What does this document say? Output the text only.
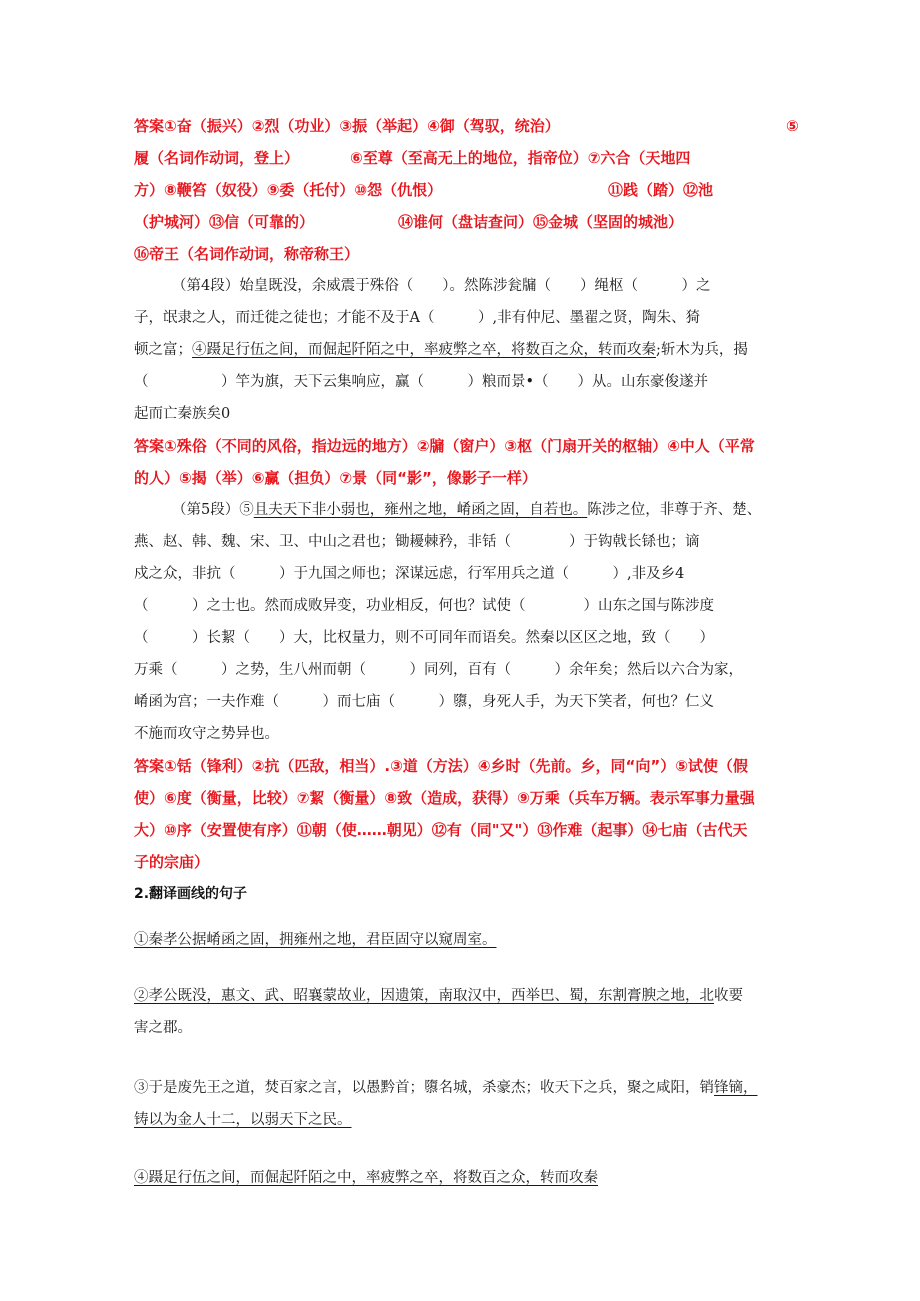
答案①奋（振兴）②烈（功业）③振（举起）④御（驾驭，统治）	⑤
履（名词作动词，登上）	⑥至尊（至高无上的地位，指帝位）⑦六合（天地四
方）⑧鞭笞（奴役）⑨委（托付）⑩怨（仇恨）	⑪践（踏）⑫池
（护城河）⑬信（可靠的）	⑭谁何（盘诘查问）⑮金城（坚固的城池）
⑯帝王（名词作动词，称帝称王）
（第4段）始皇既没，余威震于殊俗（　　）。然陈涉瓮牖（　　）绳枢（　　　）之
子，氓隶之人，而迁徙之徒也；才能不及于A（　　　）,非有仲尼、墨翟之贤，陶朱、猗
顿之富；④蹑足行伍之间，而倔起阡陌之中，率疲弊之卒，将数百之众，转而攻秦;斩木为兵，揭
（　　　　　）竿为旗，天下云集响应，赢（　　　）粮而景•（　　）从。山东豪俊遂并
起而亡秦族矣0
答案①殊俗（不同的风俗，指边远的地方）②牖（窗户）③枢（门扇开关的枢轴）④中人（平常
的人）⑤揭（举）⑥赢（担负）⑦景（同“影”，像影子一样）
（第5段）⑤且夫天下非小弱也，雍州之地，崤函之固，自若也。陈涉之位，非尊于齐、楚、
燕、赵、韩、魏、宋、卫、中山之君也；锄耰棘矜，非铦（　　　　）于钩戟长铩也；谪
戍之众，非抗（　　　）于九国之师也；深谋远虑，行军用兵之道（　　　）,非及乡4
（　　　）之士也。然而成败异变，功业相反，何也？试使（　　　　）山东之国与陈涉度
（　　　）长絜（　　）大，比权量力，则不可同年而语矣。然秦以区区之地，致（　　）
万乘（　　　）之势，生八州而朝（　　　）同列，百有（　　　）余年矣；然后以六合为家，
崤函为宫；一夫作难（　　　）而七庙（　　　）隳，身死人手，为天下笑者，何也？仁义
不施而攻守之势异也。
答案①铦（锋利）②抗（匹敌，相当）.③道（方法）④乡时（先前。乡，同“向”）⑤试使（假
使）⑥度（衡量，比较）⑦絜（衡量）⑧致（造成，获得）⑨万乘（兵车万辆。表示军事力量强
大）⑩序（安置使有序）⑪朝（使……朝见）⑫有（同"又"）⑬作难（起事）⑭七庙（古代天
子的宗庙）
2.翻译画线的句子
①秦孝公据崤函之固，拥雍州之地，君臣固守以窥周室。
②孝公既没，惠文、武、昭襄蒙故业，因遗策，南取汉中，西举巴、蜀，东割膏腴之地，北收要
害之郡。
③于是废先王之道，焚百家之言，以愚黔首；隳名城，杀豪杰；收天下之兵，聚之咸阳，销锋镝，
铸以为金人十二，以弱天下之民。
④蹑足行伍之间，而倔起阡陌之中，率疲弊之卒，将数百之众，转而攻秦
